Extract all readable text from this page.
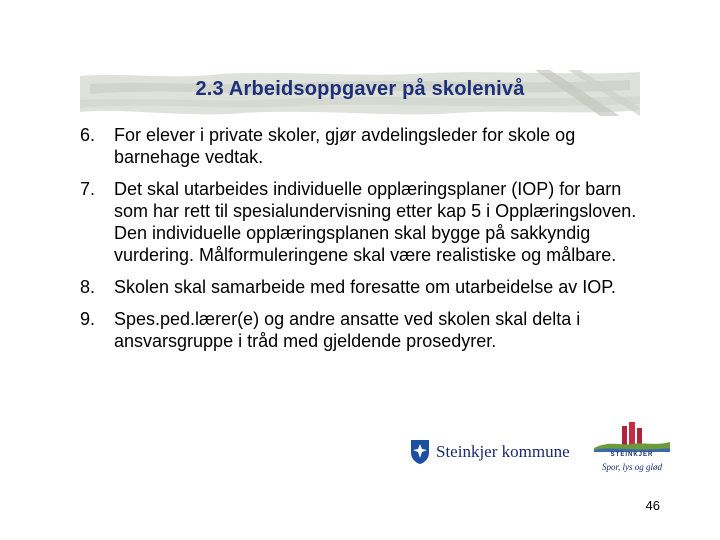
2.3 Arbeidsoppgaver på skolenivå
6. For elever i private skoler, gjør avdelingsleder for skole og barnehage vedtak.
7. Det skal utarbeides individuelle opplæringsplaner (IOP) for barn som har rett til spesialundervisning etter kap 5 i Opplæringsloven. Den individuelle opplæringsplanen skal bygge på sakkyndig vurdering. Målformuleringene skal være realistiske og målbare.
8. Skolen skal samarbeide med foresatte om utarbeidelse av IOP.
9. Spes.ped.lærer(e) og andre ansatte ved skolen skal delta i ansvarsgruppe i tråd med gjeldende prosedyrer.
Steinkjer kommune	STEINKJER
Spor, lys og glød
46
